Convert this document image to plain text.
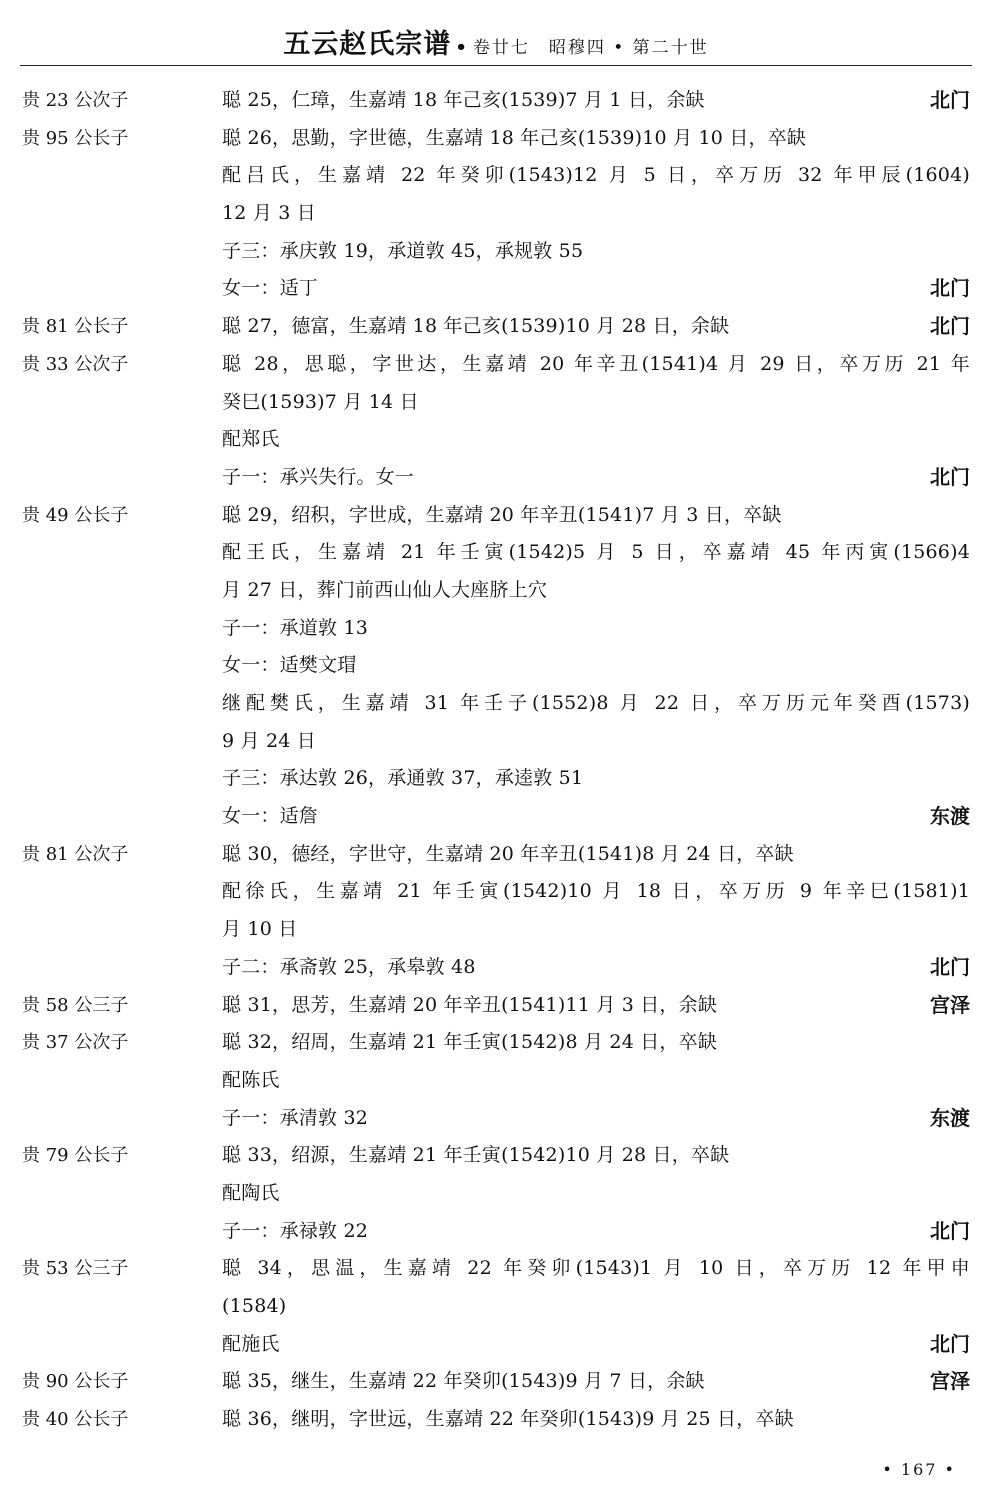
五云赵氏宗谱 • 卷廿七　昭穆四 • 第二十世
贵 23 公次子	聪 25，仁璋，生嘉靖 18 年己亥(1539)7 月 1 日，余缺	北门
贵 95 公长子	聪 26，思勤，字世德，生嘉靖 18 年己亥(1539)10 月 10 日，卒缺
配吕氏，生嘉靖 22 年癸卯(1543)12 月 5 日，卒万历 32 年甲辰(1604)
12 月 3 日
子三：承庆敦 19，承道敦 45，承规敦 55
女一：适丁	北门
贵 81 公长子	聪 27，德富，生嘉靖 18 年己亥(1539)10 月 28 日，余缺	北门
贵 33 公次子	聪 28，思聪，字世达，生嘉靖 20 年辛丑(1541)4 月 29 日，卒万历 21 年
癸巳(1593)7 月 14 日
配郑氏
子一：承兴失行。女一	北门
贵 49 公长子	聪 29，绍积，字世成，生嘉靖 20 年辛丑(1541)7 月 3 日，卒缺
配王氏，生嘉靖 21 年壬寅(1542)5 月 5 日，卒嘉靖 45 年丙寅(1566)4
月 27 日，葬门前西山仙人大座脐上穴
子一：承道敦 13
女一：适樊文瑁
继配樊氏，生嘉靖 31 年壬子(1552)8 月 22 日，卒万历元年癸酉(1573)
9 月 24 日
子三：承达敦 26，承通敦 37，承逵敦 51
女一：适詹	东渡
贵 81 公次子	聪 30，德经，字世守，生嘉靖 20 年辛丑(1541)8 月 24 日，卒缺
配徐氏，生嘉靖 21 年壬寅(1542)10 月 18 日，卒万历 9 年辛巳(1581)1
月 10 日
子二：承斋敦 25，承皋敦 48	北门
贵 58 公三子	聪 31，思芳，生嘉靖 20 年辛丑(1541)11 月 3 日，余缺	宫泽
贵 37 公次子	聪 32，绍周，生嘉靖 21 年壬寅(1542)8 月 24 日，卒缺
配陈氏
子一：承清敦 32	东渡
贵 79 公长子	聪 33，绍源，生嘉靖 21 年壬寅(1542)10 月 28 日，卒缺
配陶氏
子一：承禄敦 22	北门
贵 53 公三子	聪 34，思温，生嘉靖 22 年癸卯(1543)1 月 10 日，卒万历 12 年甲申
(1584)
配施氏	北门
贵 90 公长子	聪 35，继生，生嘉靖 22 年癸卯(1543)9 月 7 日，余缺	宫泽
贵 40 公长子	聪 36，继明，字世远，生嘉靖 22 年癸卯(1543)9 月 25 日，卒缺
• 167 •
